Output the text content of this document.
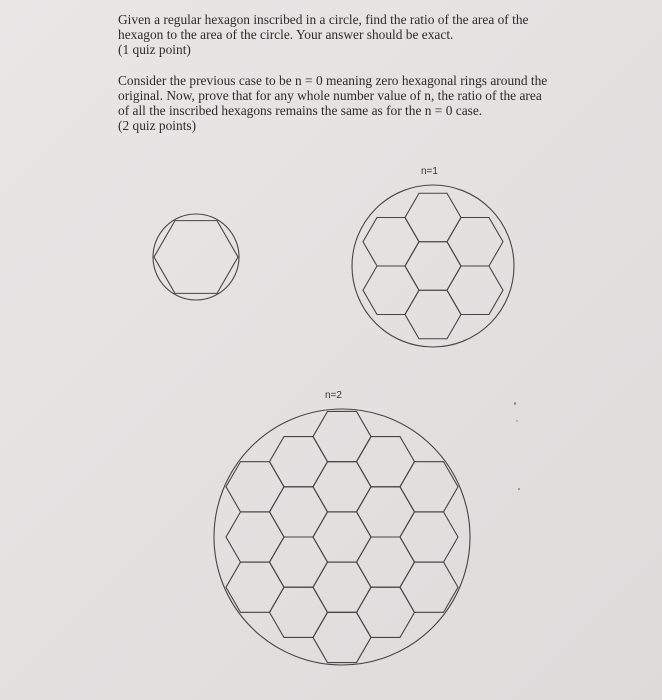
Given a regular hexagon inscribed in a circle, find the ratio of the area of the
hexagon to the area of the circle. Your answer should be exact.
(1 quiz point)
Consider the previous case to be n = 0 meaning zero hexagonal rings around the
original. Now, prove that for any whole number value of n, the ratio of the area
of all the inscribed hexagons remains the same as for the n = 0 case.
(2 quiz points)
n=1
n=2
